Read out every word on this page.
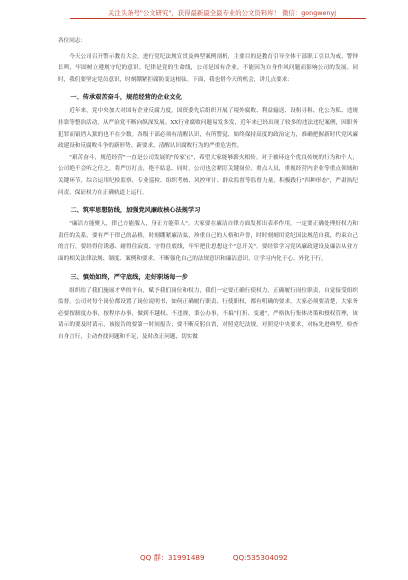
关注头条号"公文研究"，获得最新最全最专业的公文资料库！ 微信：gongwenyj

各位同志：

今天公司召开警示教育大会，进行党纪法规宣贯及典型案例剖析，主要目的是教育引导全体干部职工引以为戒、警钟长鸣，牢固树立遵规守纪的意识。纪律是党的生命线，公司是国有企业，不能因为自身作风问题而影响公司的发展。同时，我们要坚定党员意识，时刻绷紧拒腐防变这根弦。下面，我也借今天的机会，讲几点要求：

一、传承艰苦奋斗，规范经营的企业文化

近年来，党中央加大对国有企业反腐力度，国资委先后组织开展了境外腐败、利益输送、设租寻租、化公为私、违规挂靠等整治活动，从严治党不断向纵深发展。XX行业腐败问题易发多发，近年来已经出现了较多的违法违纪案例，因职务犯罪而锒铛入狱的也不在少数。各级干部必须有清醒认识，有所警觉，始终保持高度的政治定力，准确把握新时代党风廉政建设和反腐败斗争的新形势、新要求，清醒认识腐败行为的严重危害性。

"艰苦奋斗，规范经营"一直是公司发展的"传家宝"，希望大家能够薪火相传。对于被环这个优良传统的行为和个人，公司绝不会听之任之，将严厉打击，绝不姑息。同时，公司也会紧盯关键岗位、重点人员，重视经营内企业等重点领域和关键环节，综合运用纪检监察、专业巡检、组织考核、风控审计、群众监督等监督力量，积极践行"四种形态"，严肃执纪问责，保证权力在正确轨道上运行。

二、筑牢思想防线，加强党风廉政核心法规学习

"廉洁方能聚人，律己方能服人，身正方能带人"。大家要在廉洁自律方面发挥出表率作用，一定要正确处理好权力和责任的关系，要有严于律己的品格，时刻绷紧廉洁弦，珍重自己的人格和声誉，时时刻刻用党纪国法规范自我，约束自己的言行，要经得住诱惑、耐得住寂寞、守得住底线，牢牢把住思想这个"总开关"。要经常学习党风廉政建设及廉洁从业方面的相关法律法规、制度、案例和要求，不断强化自己的法规意识和廉洁意识，让学习内化于心、外化于行。

三、慎始如终，严守底线，走好职场每一步

组织给了我们施展才华的平台，赋予我们岗位和权力，我们一定要正确行使权力，正确履行岗位职责，自觉接受组织监督。公司对每个岗位都设置了岗位说明书，如何正确履行职责、行使职权，都有明确的要求，大家必须要清楚，大家务必要按制度办事，按程序办事，做到不越权、不违规，秉公办事，不搞"打折、变通"，严格执行集体决策和授权管理，该请示的要及时请示，该报告的要第一时间报告；要不断反躬自省，对照党纪法规，对照党中央要求，对标先进典型，检查自身言行，主动查找问题和不足，及时改正问题，切实做

QQ 群：31991489	QQ:535304092
